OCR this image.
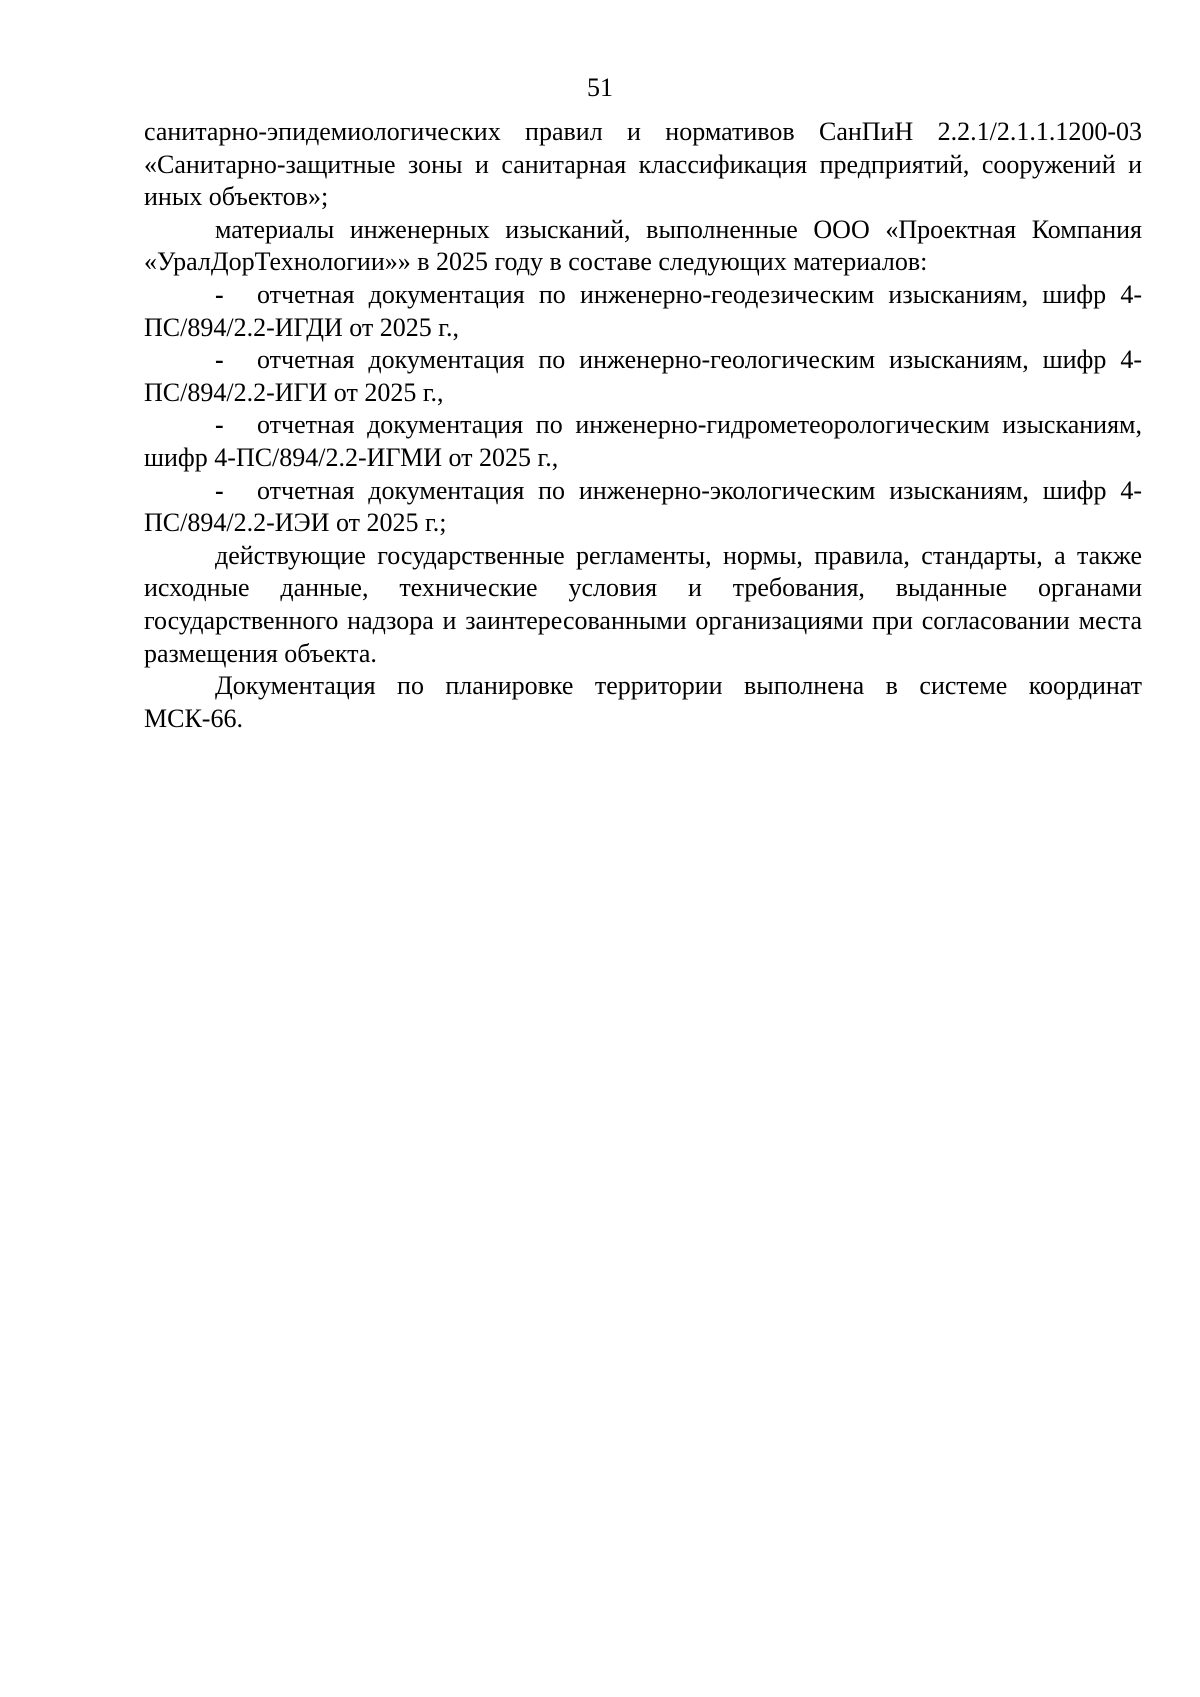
51

санитарно-эпидемиологических правил и нормативов СанПиН 2.2.1/2.1.1.1200-03 «Санитарно-защитные зоны и санитарная классификация предприятий, сооружений и иных объектов»;

материалы инженерных изысканий, выполненные ООО «Проектная Компания «УралДорТехнологии»» в 2025 году в составе следующих материалов:

- отчетная документация по инженерно-геодезическим изысканиям, шифр 4-ПС/894/2.2-ИГДИ от 2025 г.,

- отчетная документация по инженерно-геологическим изысканиям, шифр 4-ПС/894/2.2-ИГИ от 2025 г.,

- отчетная документация по инженерно-гидрометеорологическим изысканиям, шифр 4-ПС/894/2.2-ИГМИ от 2025 г.,

- отчетная документация по инженерно-экологическим изысканиям, шифр 4-ПС/894/2.2-ИЭИ от 2025 г.;

действующие государственные регламенты, нормы, правила, стандарты, а также исходные данные, технические условия и требования, выданные органами государственного надзора и заинтересованными организациями при согласовании места размещения объекта.

Документация по планировке территории выполнена в системе координат МСК-66.
